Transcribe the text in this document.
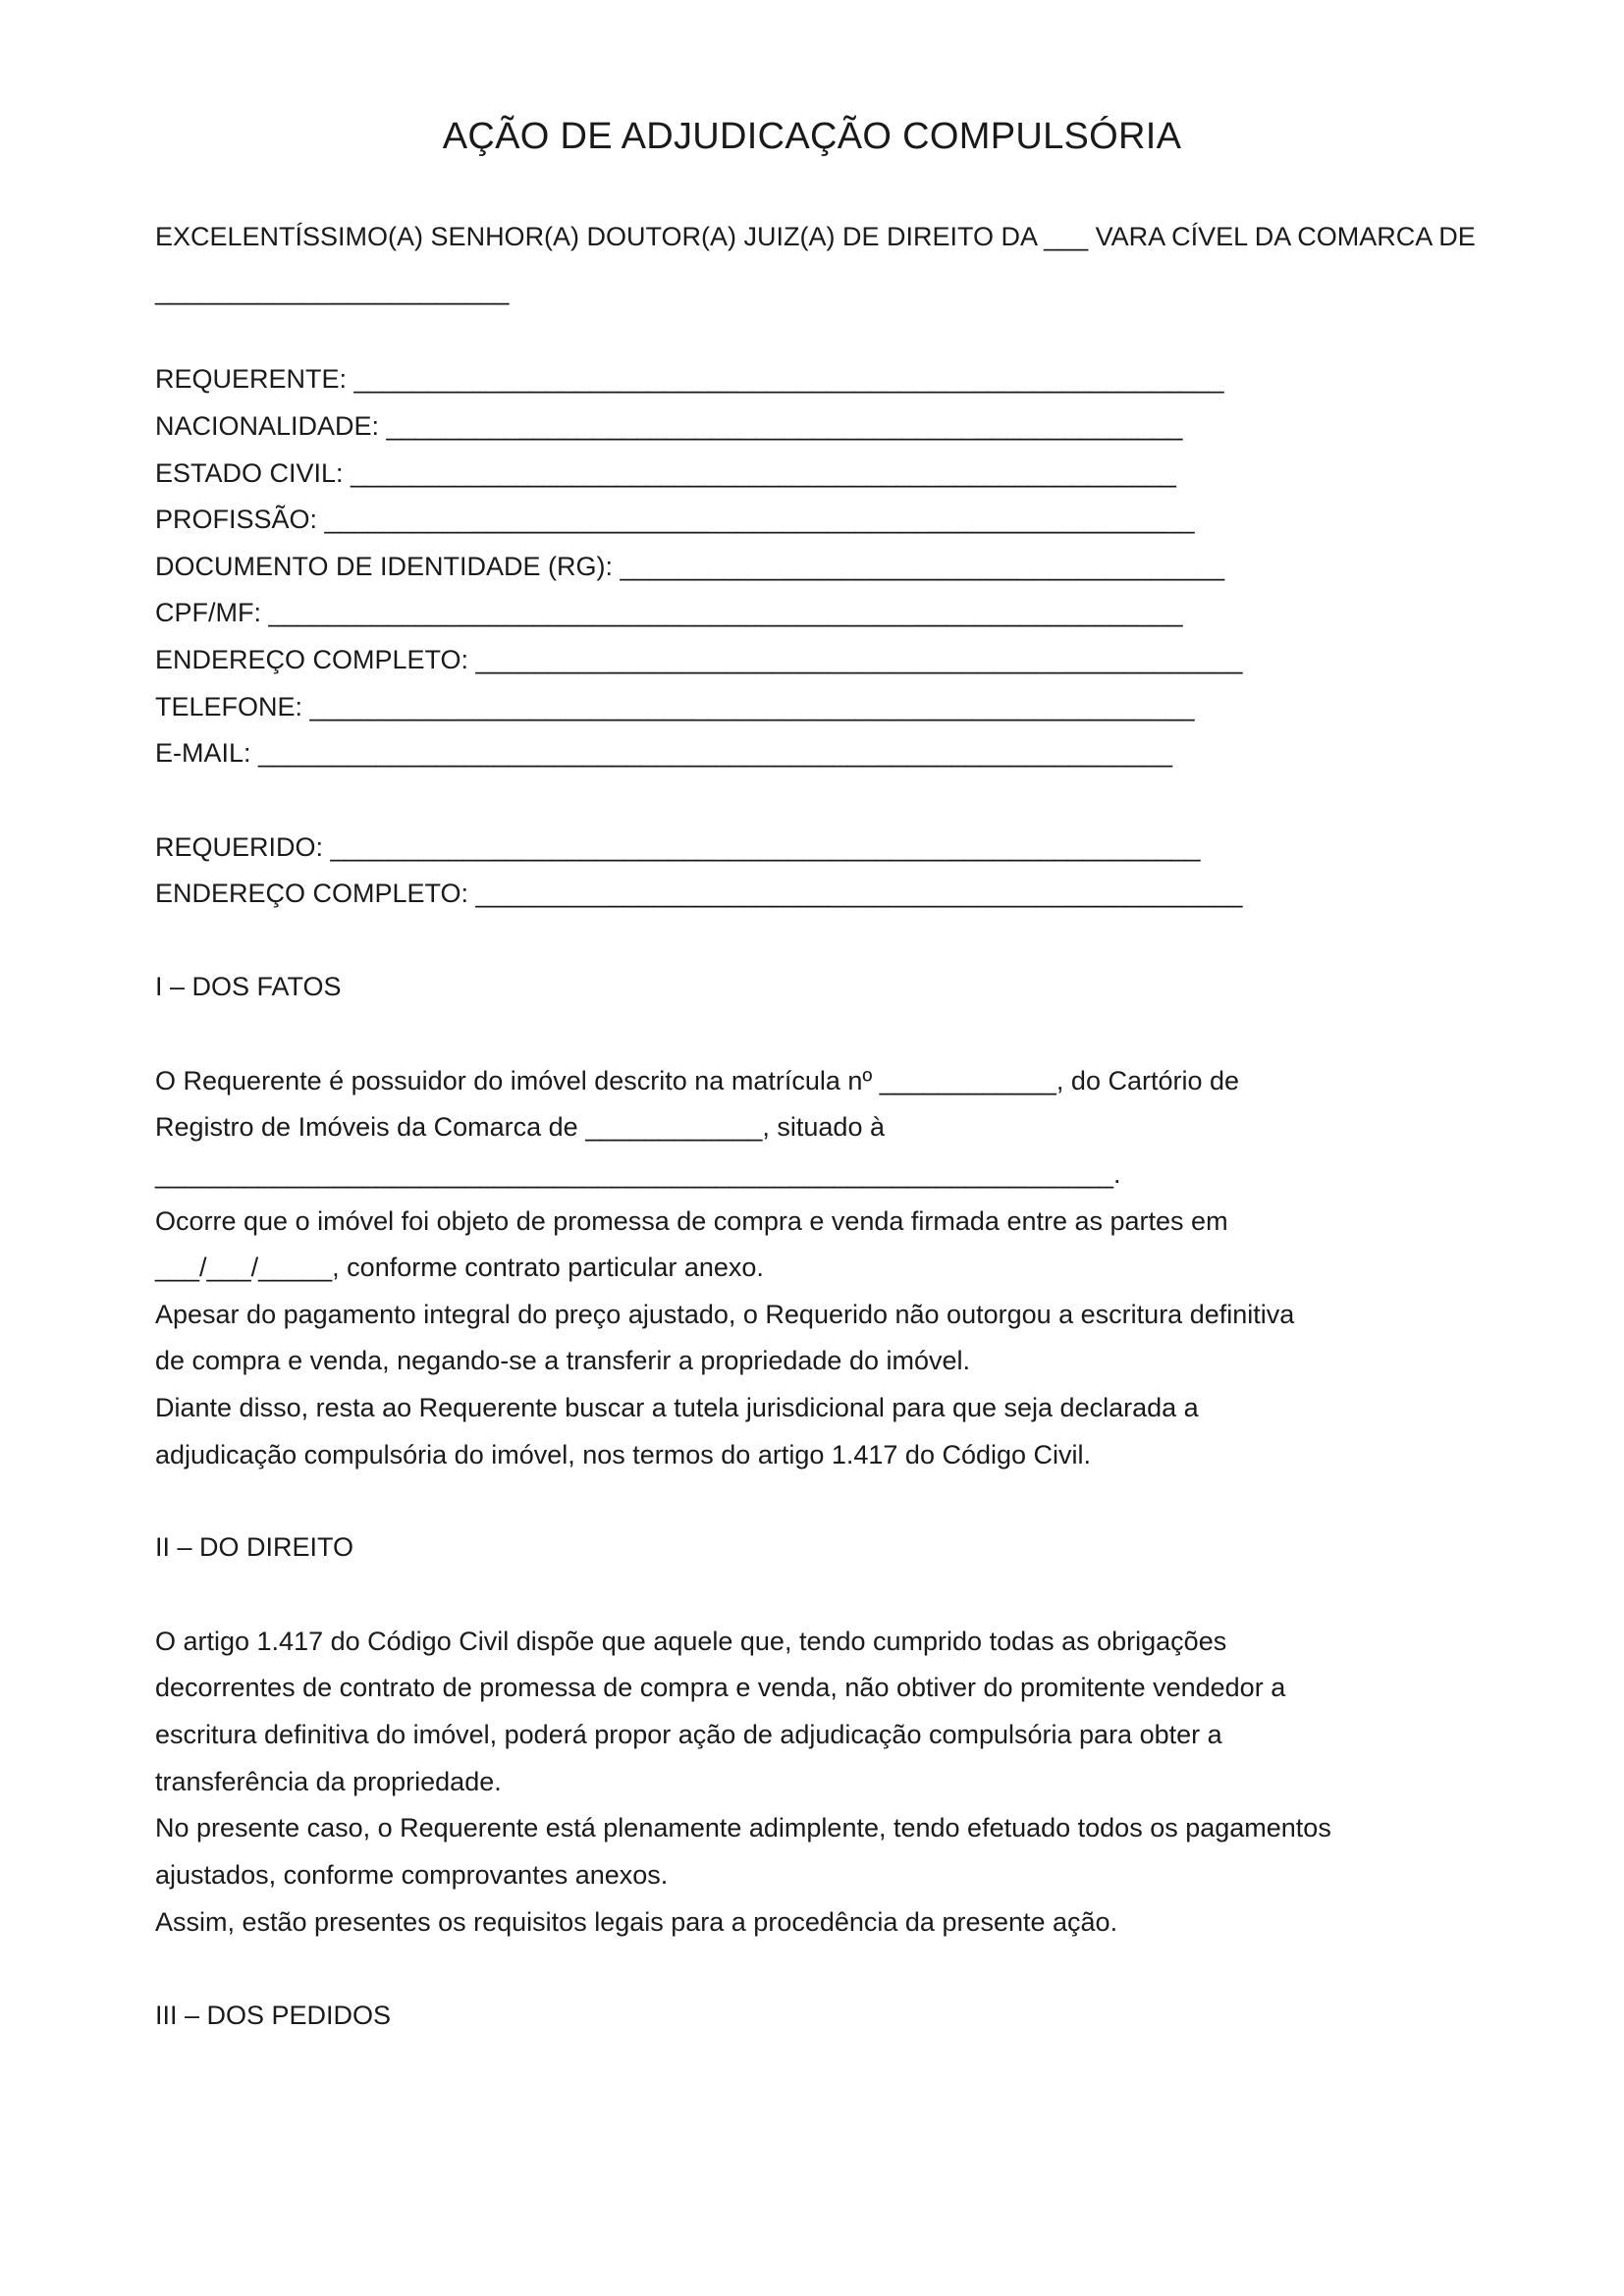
AÇÃO DE ADJUDICAÇÃO COMPULSÓRIA
EXCELENTÍSSIMO(A) SENHOR(A) DOUTOR(A) JUIZ(A) DE DIREITO DA ___ VARA CÍVEL DA COMARCA DE
________________________
REQUERENTE: ___________________________________________________________
NACIONALIDADE: ______________________________________________________
ESTADO CIVIL: ________________________________________________________
PROFISSÃO: ___________________________________________________________
DOCUMENTO DE IDENTIDADE (RG): _________________________________________
CPF/MF: ______________________________________________________________
ENDEREÇO COMPLETO: ____________________________________________________
TELEFONE: ____________________________________________________________
E-MAIL: ______________________________________________________________
REQUERIDO: ___________________________________________________________
ENDEREÇO COMPLETO: ____________________________________________________
I – DOS FATOS
O Requerente é possuidor do imóvel descrito na matrícula nº ____________, do Cartório de
Registro de Imóveis da Comarca de ____________, situado à
_________________________________________________________________.
Ocorre que o imóvel foi objeto de promessa de compra e venda firmada entre as partes em
___/___/_____, conforme contrato particular anexo.
Apesar do pagamento integral do preço ajustado, o Requerido não outorgou a escritura definitiva
de compra e venda, negando-se a transferir a propriedade do imóvel.
Diante disso, resta ao Requerente buscar a tutela jurisdicional para que seja declarada a
adjudicação compulsória do imóvel, nos termos do artigo 1.417 do Código Civil.
II – DO DIREITO
O artigo 1.417 do Código Civil dispõe que aquele que, tendo cumprido todas as obrigações
decorrentes de contrato de promessa de compra e venda, não obtiver do promitente vendedor a
escritura definitiva do imóvel, poderá propor ação de adjudicação compulsória para obter a
transferência da propriedade.
No presente caso, o Requerente está plenamente adimplente, tendo efetuado todos os pagamentos
ajustados, conforme comprovantes anexos.
Assim, estão presentes os requisitos legais para a procedência da presente ação.
III – DOS PEDIDOS
